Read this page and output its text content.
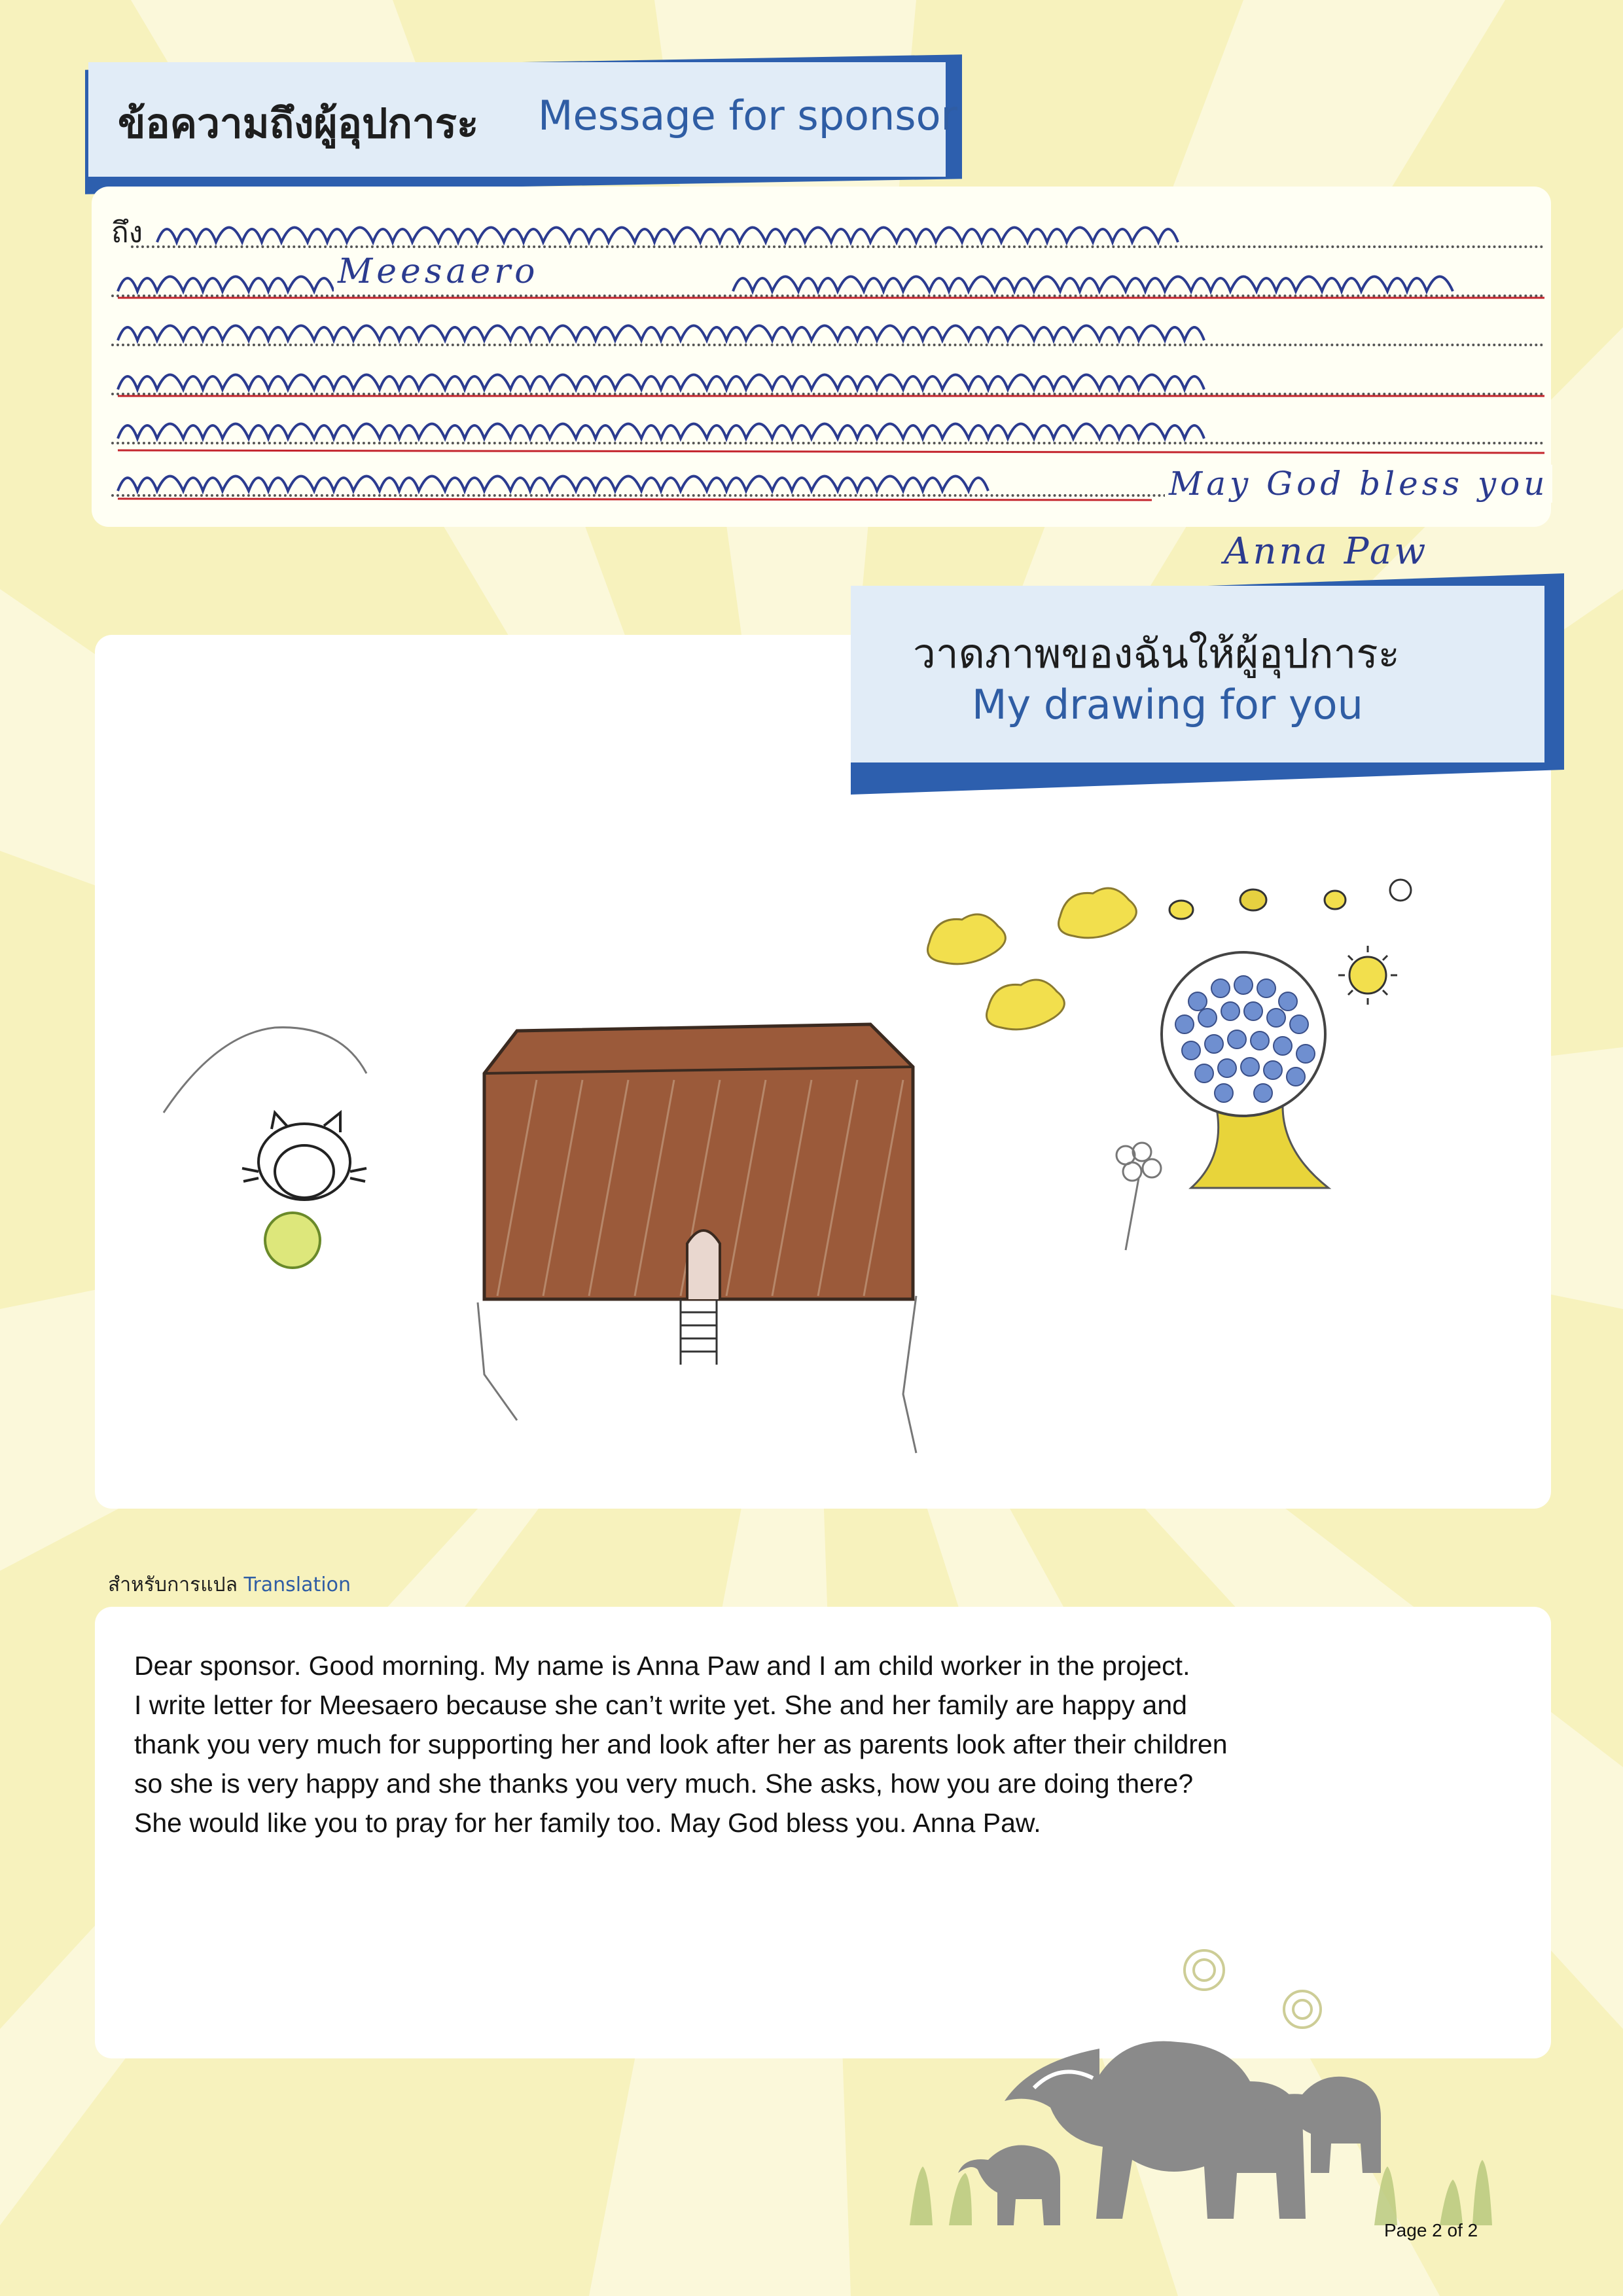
ข้อความถึงผู้อุปการะ Message for sponsor
ถึง
Meesaero
May God bless you
Anna Paw
วาดภาพของฉันให้ผู้อุปการะ
My drawing for you
สำหรับการแปล Translation

Dear sponsor. Good morning. My name is Anna Paw and I am child worker in the project.

I write letter for Meesaero because she can’t write yet. She and her family are happy and

thank you very much for supporting her and look after her as parents look after their children

so she is very happy and she thanks you very much. She asks, how you are doing there?

She would like you to pray for her family too. May God bless you. Anna Paw.

Page 2 of 2
